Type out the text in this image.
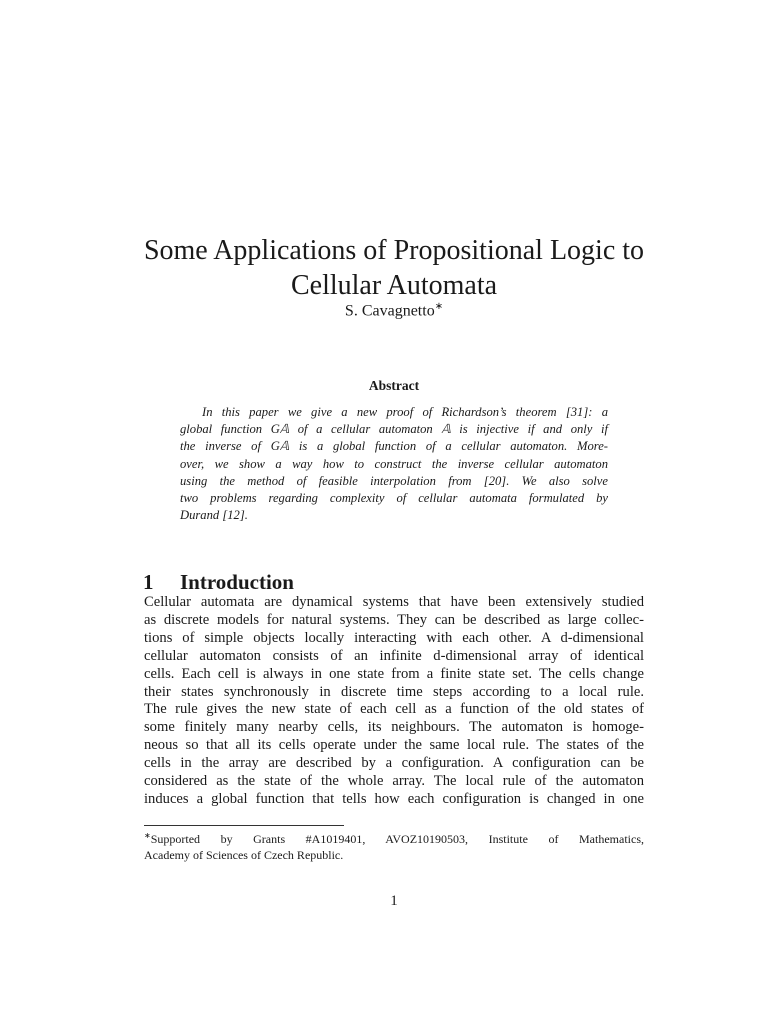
Some Applications of Propositional Logic to
Cellular Automata
S. Cavagnetto∗
Abstract
In this paper we give a new proof of Richardson’s theorem [31]: a
global function G𝔸 of a cellular automaton 𝔸 is injective if and only if
the inverse of G𝔸 is a global function of a cellular automaton. More-
over, we show a way how to construct the inverse cellular automaton
using the method of feasible interpolation from [20]. We also solve
two problems regarding complexity of cellular automata formulated by
Durand [12].
1 Introduction
Cellular automata are dynamical systems that have been extensively studied
as discrete models for natural systems. They can be described as large collec-
tions of simple objects locally interacting with each other. A d-dimensional
cellular automaton consists of an infinite d-dimensional array of identical
cells. Each cell is always in one state from a finite state set. The cells change
their states synchronously in discrete time steps according to a local rule.
The rule gives the new state of each cell as a function of the old states of
some finitely many nearby cells, its neighbours. The automaton is homoge-
neous so that all its cells operate under the same local rule. The states of the
cells in the array are described by a configuration. A configuration can be
considered as the state of the whole array. The local rule of the automaton
induces a global function that tells how each configuration is changed in one
∗Supported by Grants #A1019401, AVOZ10190503, Institute of Mathematics,
Academy of Sciences of Czech Republic.
1
